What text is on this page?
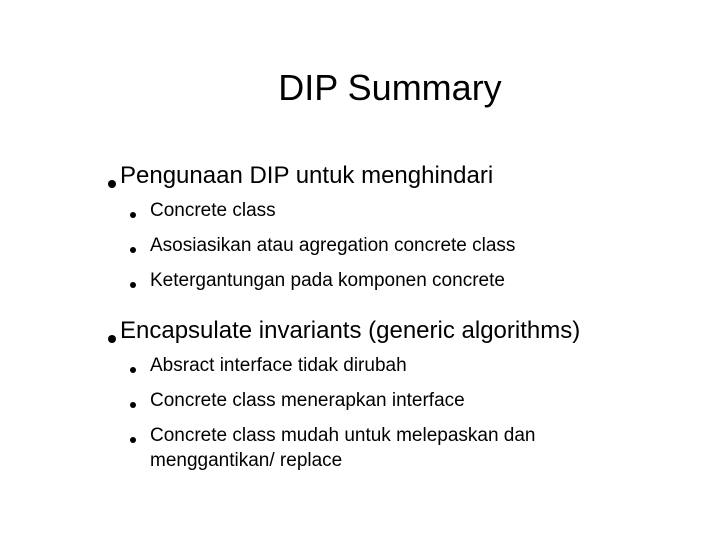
DIP Summary
Pengunaan DIP untuk menghindari
Concrete class
Asosiasikan atau agregation concrete class
Ketergantungan pada komponen concrete
Encapsulate invariants (generic algorithms)
Absract interface tidak dirubah
Concrete class menerapkan interface
Concrete class mudah untuk melepaskan dan menggantikan/ replace
